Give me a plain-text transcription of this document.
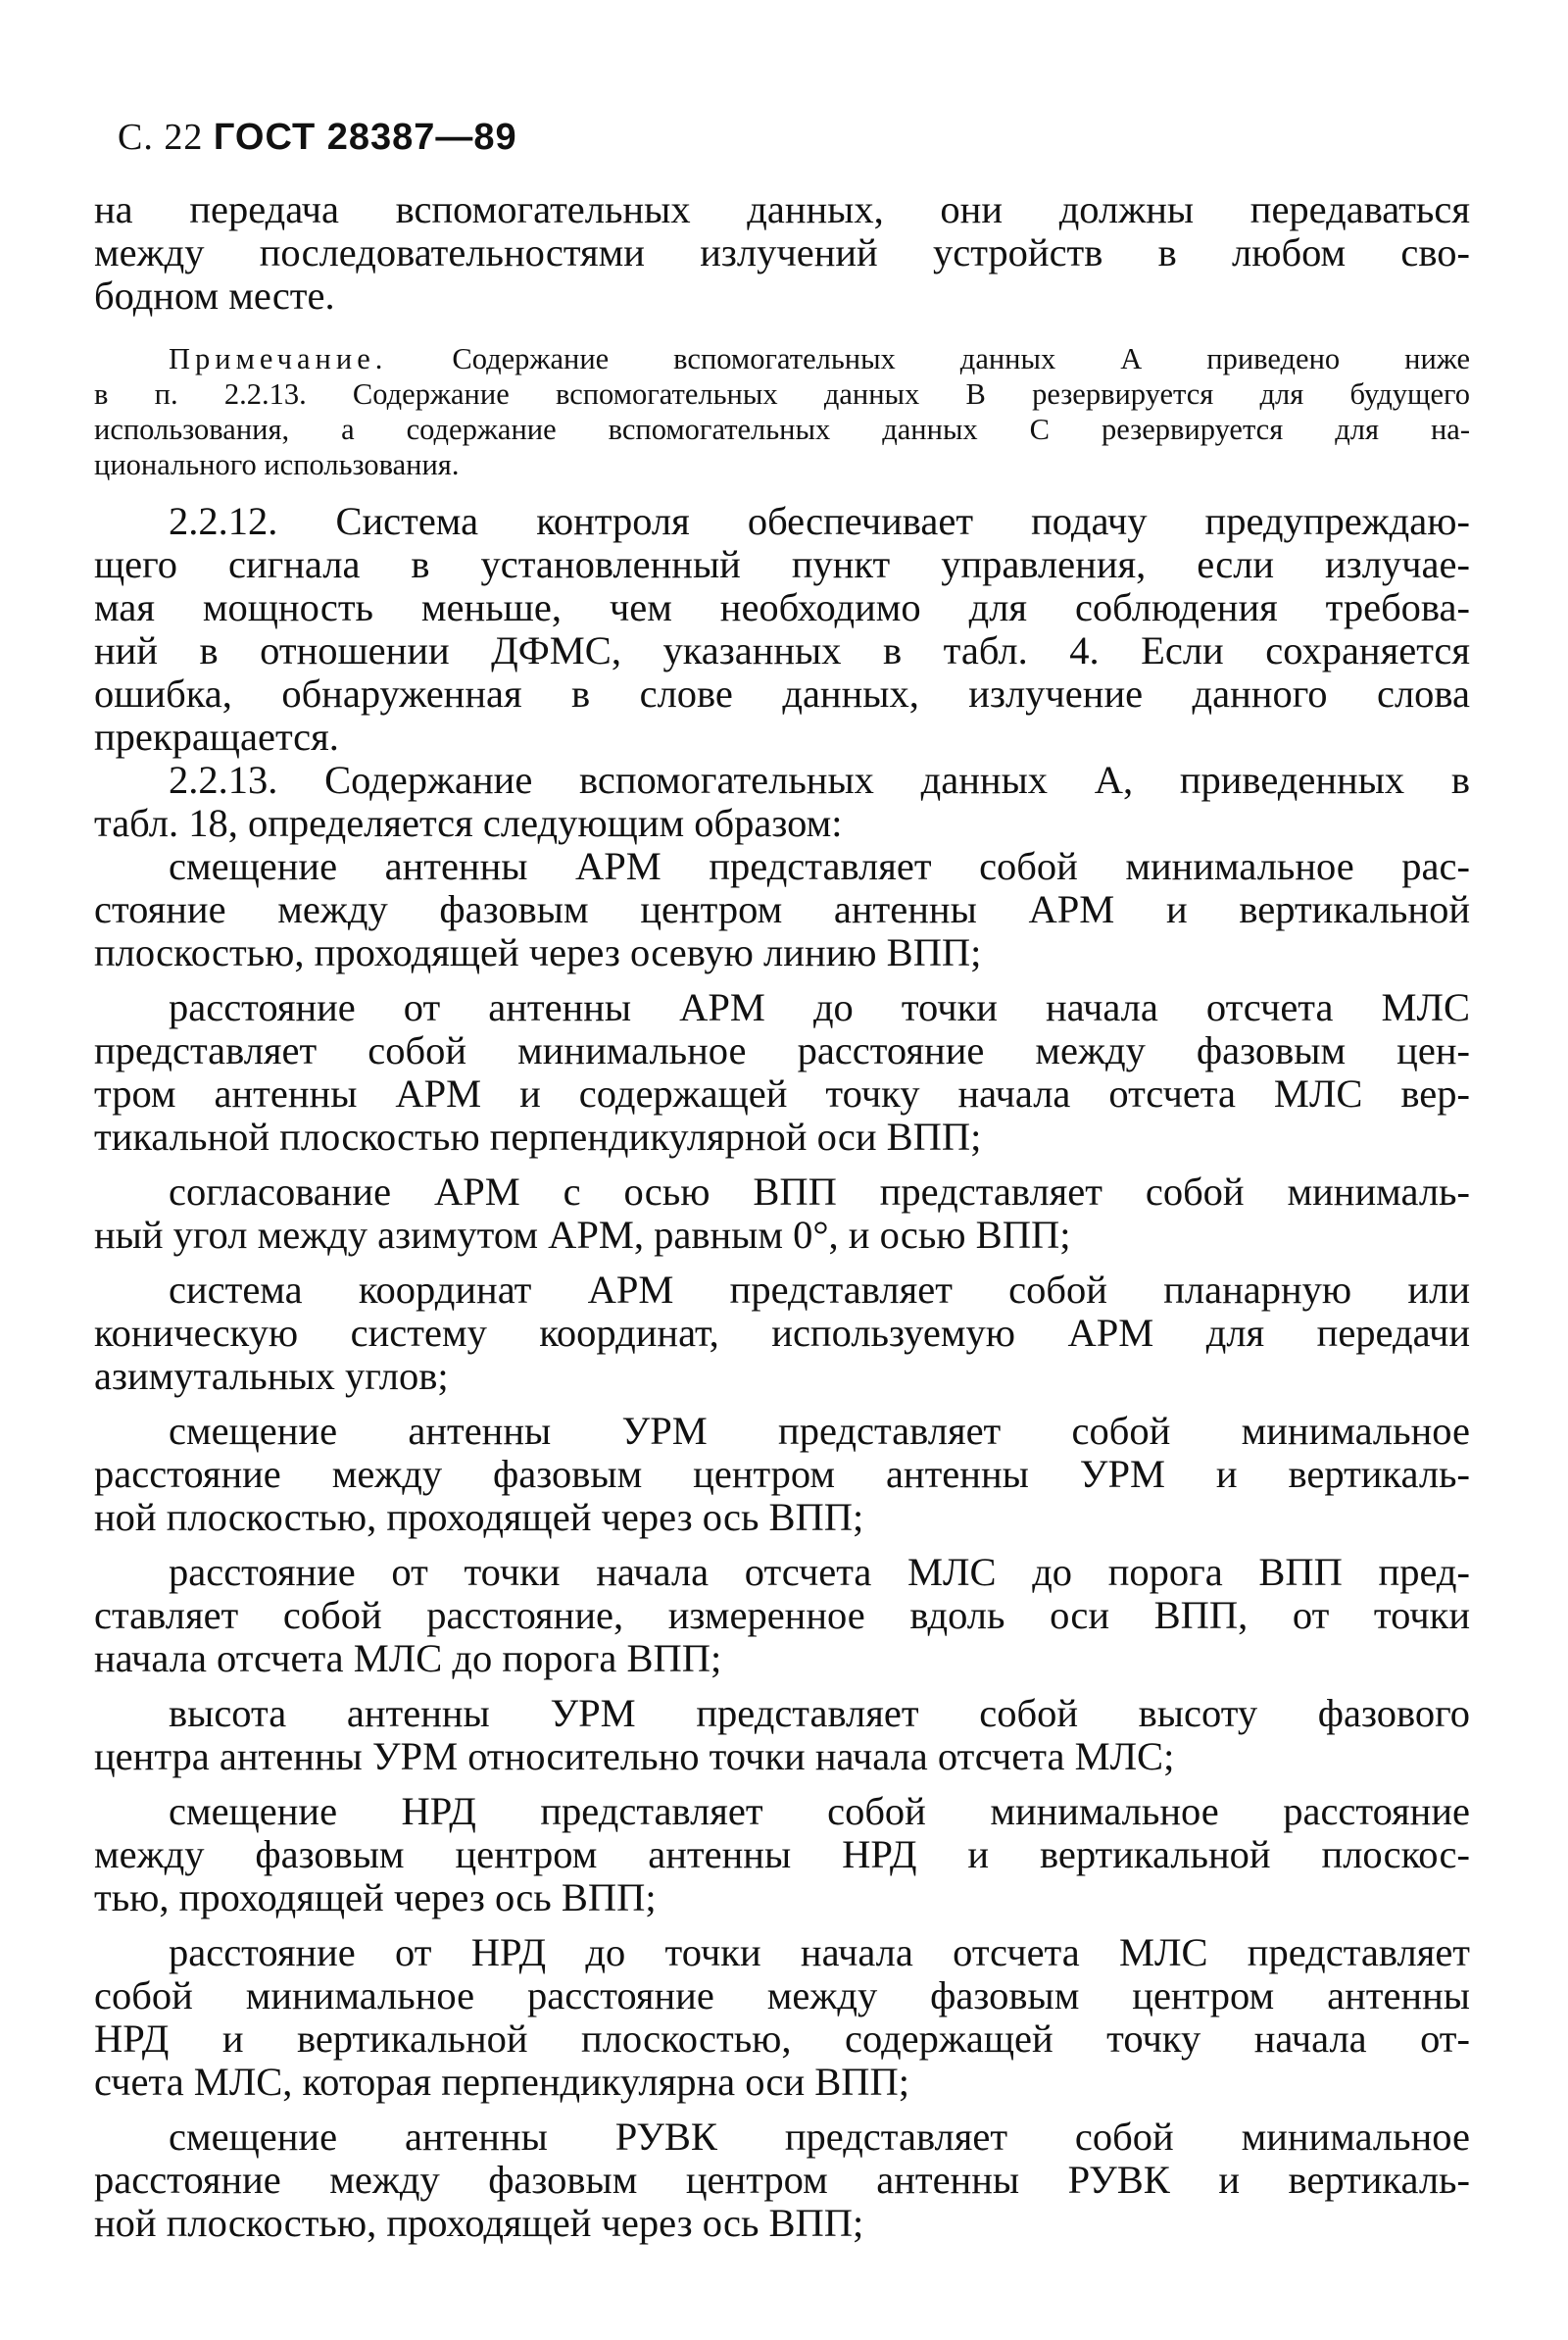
С. 22 ГОСТ 28387—89
на передача вспомогательных данных, они должны передаваться
между последовательностями излучений устройств в любом сво-
бодном месте.
Примечание. Содержание вспомогательных данных А приведено ниже
в п. 2.2.13. Содержание вспомогательных данных В резервируется для будущего
использования, а содержание вспомогательных данных С резервируется для на-
ционального использования.
2.2.12. Система контроля обеспечивает подачу предупреждаю-
щего сигнала в установленный пункт управления, если излучае-
мая мощность меньше, чем необходимо для соблюдения требова-
ний в отношении ДФМС, указанных в табл. 4. Если сохраняется
ошибка, обнаруженная в слове данных, излучение данного слова
прекращается.
2.2.13. Содержание вспомогательных данных А, приведенных в
табл. 18, определяется следующим образом:
смещение антенны АРМ представляет собой минимальное рас-
стояние между фазовым центром антенны АРМ и вертикальной
плоскостью, проходящей через осевую линию ВПП;
расстояние от антенны АРМ до точки начала отсчета МЛС
представляет собой минимальное расстояние между фазовым цен-
тром антенны АРМ и содержащей точку начала отсчета МЛС вер-
тикальной плоскостью перпендикулярной оси ВПП;
согласование АРМ с осью ВПП представляет собой минималь-
ный угол между азимутом АРМ, равным 0°, и осью ВПП;
система координат АРМ представляет собой планарную или
коническую систему координат, используемую АРМ для передачи
азимутальных углов;
смещение антенны УРМ представляет собой минимальное
расстояние между фазовым центром антенны УРМ и вертикаль-
ной плоскостью, проходящей через ось ВПП;
расстояние от точки начала отсчета МЛС до порога ВПП пред-
ставляет собой расстояние, измеренное вдоль оси ВПП, от точки
начала отсчета МЛС до порога ВПП;
высота антенны УРМ представляет собой высоту фазового
центра антенны УРМ относительно точки начала отсчета МЛС;
смещение НРД представляет собой минимальное расстояние
между фазовым центром антенны НРД и вертикальной плоскос-
тью, проходящей через ось ВПП;
расстояние от НРД до точки начала отсчета МЛС представляет
собой минимальное расстояние между фазовым центром антенны
НРД и вертикальной плоскостью, содержащей точку начала от-
счета МЛС, которая перпендикулярна оси ВПП;
смещение антенны РУВК представляет собой минимальное
расстояние между фазовым центром антенны РУВК и вертикаль-
ной плоскостью, проходящей через ось ВПП;
